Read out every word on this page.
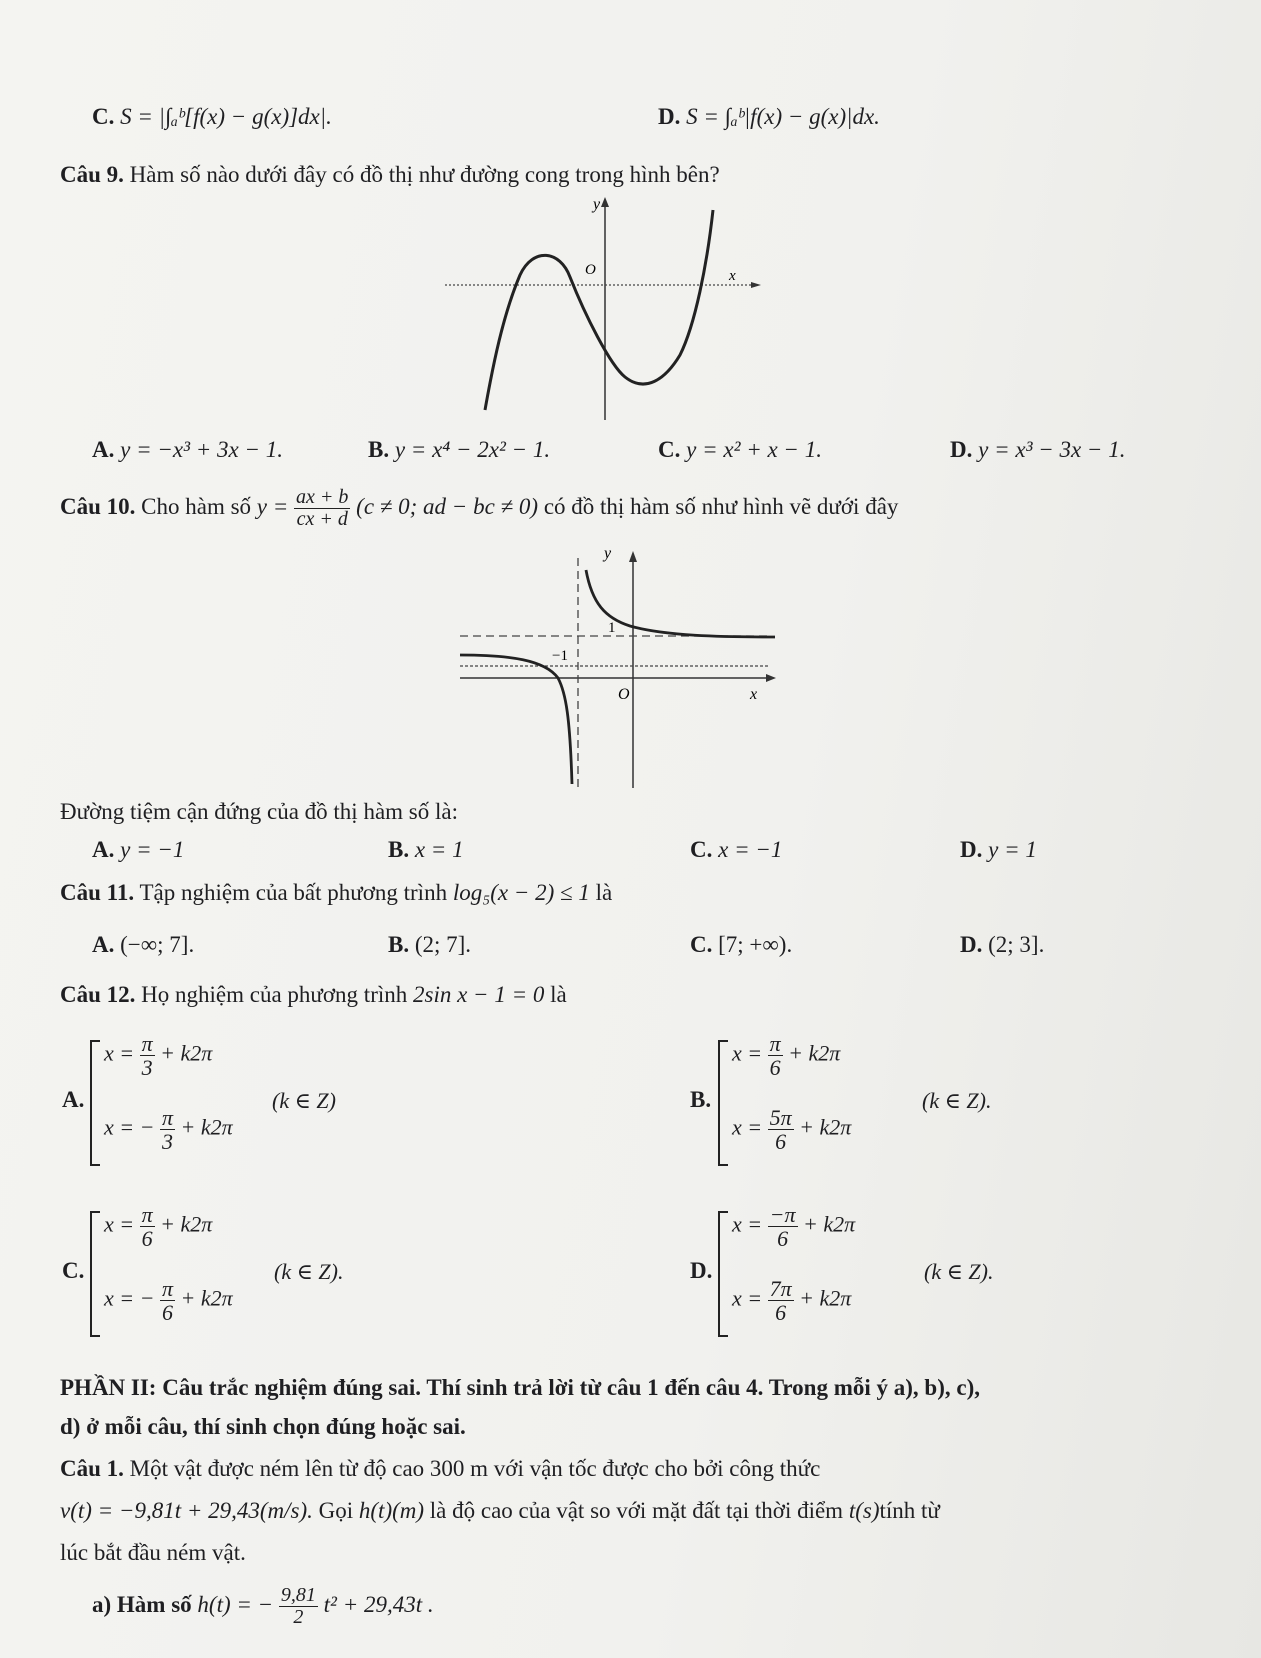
C. S = |∫ₐᵇ[f(x) − g(x)]dx|.	D. S = ∫ₐᵇ|f(x) − g(x)|dx.
Câu 9. Hàm số nào dưới đây có đồ thị như đường cong trong hình bên?
y
x
O
A. y = −x³ + 3x − 1.	B. y = x⁴ − 2x² − 1.	C. y = x² + x − 1.	D. y = x³ − 3x − 1.
Câu 10. Cho hàm số $y = \frac{ax + b}{cx + d} (c \ne 0$; ad − bc ≠ 0) có đồ thị hàm số như hình vẽ dưới đây
y
x
O
1
−1
Đường tiệm cận đứng của đồ thị hàm số là:
A. y = −1	B. x = 1	C. x = −1	D. y = 1
Câu 11. Tập nghiệm của bất phương trình log₅(x − 2) ≤ 1 là
A. (−∞; 7].	B. (2; 7].	C. [7; +∞).	D. (2; 3].
Câu 12. Họ nghiệm của phương trình 2sin x − 1 = 0 là
A.
$x = \frac{\pi}{3} + k2\pi$
x = − $\frac{\pi}{3} + k2\pi$
(k ∈ Z)	B.
$x = \frac{\pi}{6} + k2\pi$
$x = \frac{5\pi}{6} + k2\pi$
(k ∈ Z).
C.
$x = \frac{\pi}{6} + k2\pi$
x = − $\frac{\pi}{6} + k2\pi$
(k ∈ Z).	D.
$x = \frac{-\pi}{6} + k2\pi$
$x = \frac{7\pi}{6} + k2\pi$
(k ∈ Z).
PHẦN II: Câu trắc nghiệm đúng sai. Thí sinh trả lời từ câu 1 đến câu 4. Trong mỗi ý a), b), c),
d) ở mỗi câu, thí sinh chọn đúng hoặc sai.
Câu 1. Một vật được ném lên từ độ cao 300 m với vận tốc được cho bởi công thức
v(t) = −9,81t + 29,43(m/s). Gọi h(t)(m) là độ cao của vật so với mặt đất tại thời điểm t(s)tính từ
lúc bắt đầu ném vật.
a) Hàm số h(t) = − $\frac{9,81}{2} t^2 + 29,43t$ .
